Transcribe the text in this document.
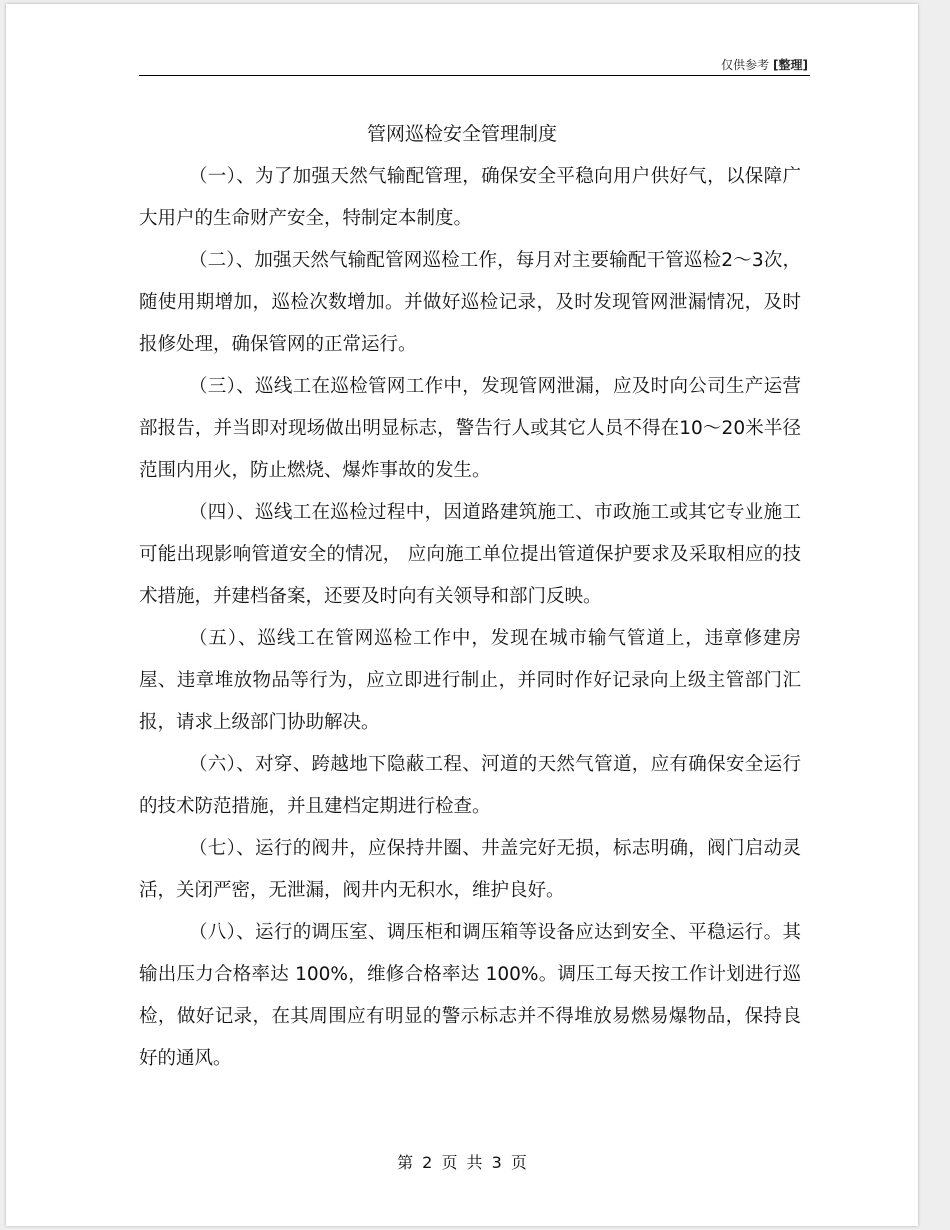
仅供参考 [整理]
管网巡检安全管理制度

（一）、为了加强天然气输配管理，确保安全平稳向用户供好气，以保障广大用户的生命财产安全，特制定本制度。

（二）、加强天然气输配管网巡检工作，每月对主要输配干管巡检2～3次，随使用期增加，巡检次数增加。并做好巡检记录，及时发现管网泄漏情况，及时报修处理，确保管网的正常运行。

（三）、巡线工在巡检管网工作中，发现管网泄漏，应及时向公司生产运营部报告，并当即对现场做出明显标志，警告行人或其它人员不得在10～20米半径范围内用火，防止燃烧、爆炸事故的发生。

（四）、巡线工在巡检过程中，因道路建筑施工、市政施工或其它专业施工可能出现影响管道安全的情况， 应向施工单位提出管道保护要求及采取相应的技术措施，并建档备案，还要及时向有关领导和部门反映。

（五）、巡线工在管网巡检工作中，发现在城市输气管道上，违章修建房屋、违章堆放物品等行为，应立即进行制止，并同时作好记录向上级主管部门汇报，请求上级部门协助解决。

（六）、对穿、跨越地下隐蔽工程、河道的天然气管道，应有确保安全运行的技术防范措施，并且建档定期进行检查。

（七）、运行的阀井，应保持井圈、井盖完好无损，标志明确，阀门启动灵活，关闭严密，无泄漏，阀井内无积水，维护良好。

（八）、运行的调压室、调压柜和调压箱等设备应达到安全、平稳运行。其输出压力合格率达 100%，维修合格率达 100%。调压工每天按工作计划进行巡检，做好记录，在其周围应有明显的警示标志并不得堆放易燃易爆物品，保持良好的通风。

第 2 页 共 3 页
